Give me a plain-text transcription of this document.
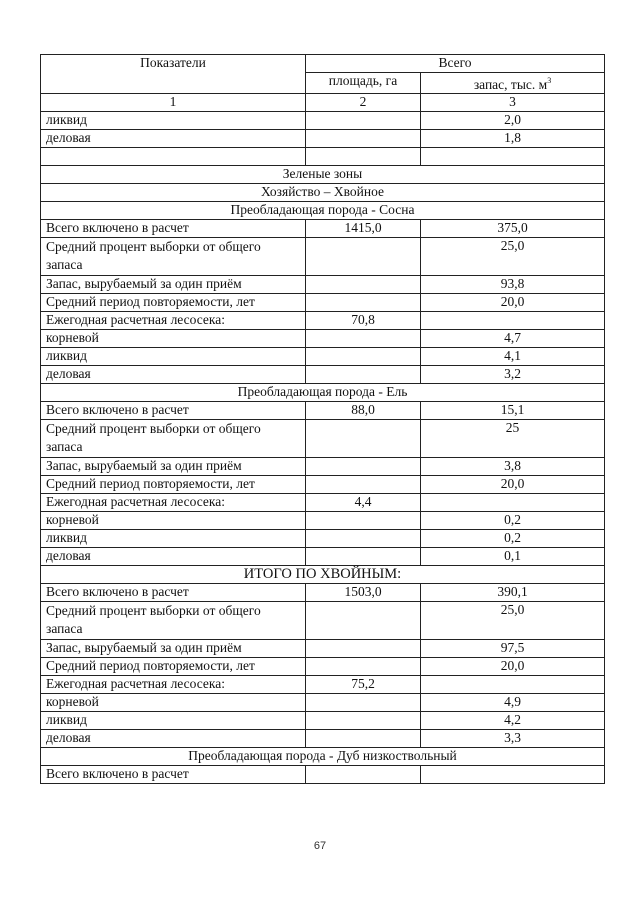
Показатели	Всего	
	площадь, га	запас, тыс. $м^3$
1	2	3
ликвид		2,0
деловая		1,8

Зеленые зоны		
Хозяйство – Хвойное		
Преобладающая порода - Сосна		
Всего включено в расчет	1415,0	375,0
Средний процент выборки от общего запаса		25,0
Запас, вырубаемый за один приём		93,8
Средний период повторяемости, лет		20,0
Ежегодная расчетная лесосека:	70,8	
корневой		4,7
ликвид		4,1
деловая		3,2
Преобладающая порода - Ель		
Всего включено в расчет	88,0	15,1
Средний процент выборки от общего запаса		25
Запас, вырубаемый за один приём		3,8
Средний период повторяемости, лет		20,0
Ежегодная расчетная лесосека:	4,4	
корневой		0,2
ликвид		0,2
деловая		0,1
ИТОГО ПО ХВОЙНЫМ:		
Всего включено в расчет	1503,0	390,1
Средний процент выборки от общего запаса		25,0
Запас, вырубаемый за один приём		97,5
Средний период повторяемости, лет		20,0
Ежегодная расчетная лесосека:	75,2	
корневой		4,9
ликвид		4,2
деловая		3,3
Преобладающая порода - Дуб низкоствольный		
Всего включено в расчет		
67
